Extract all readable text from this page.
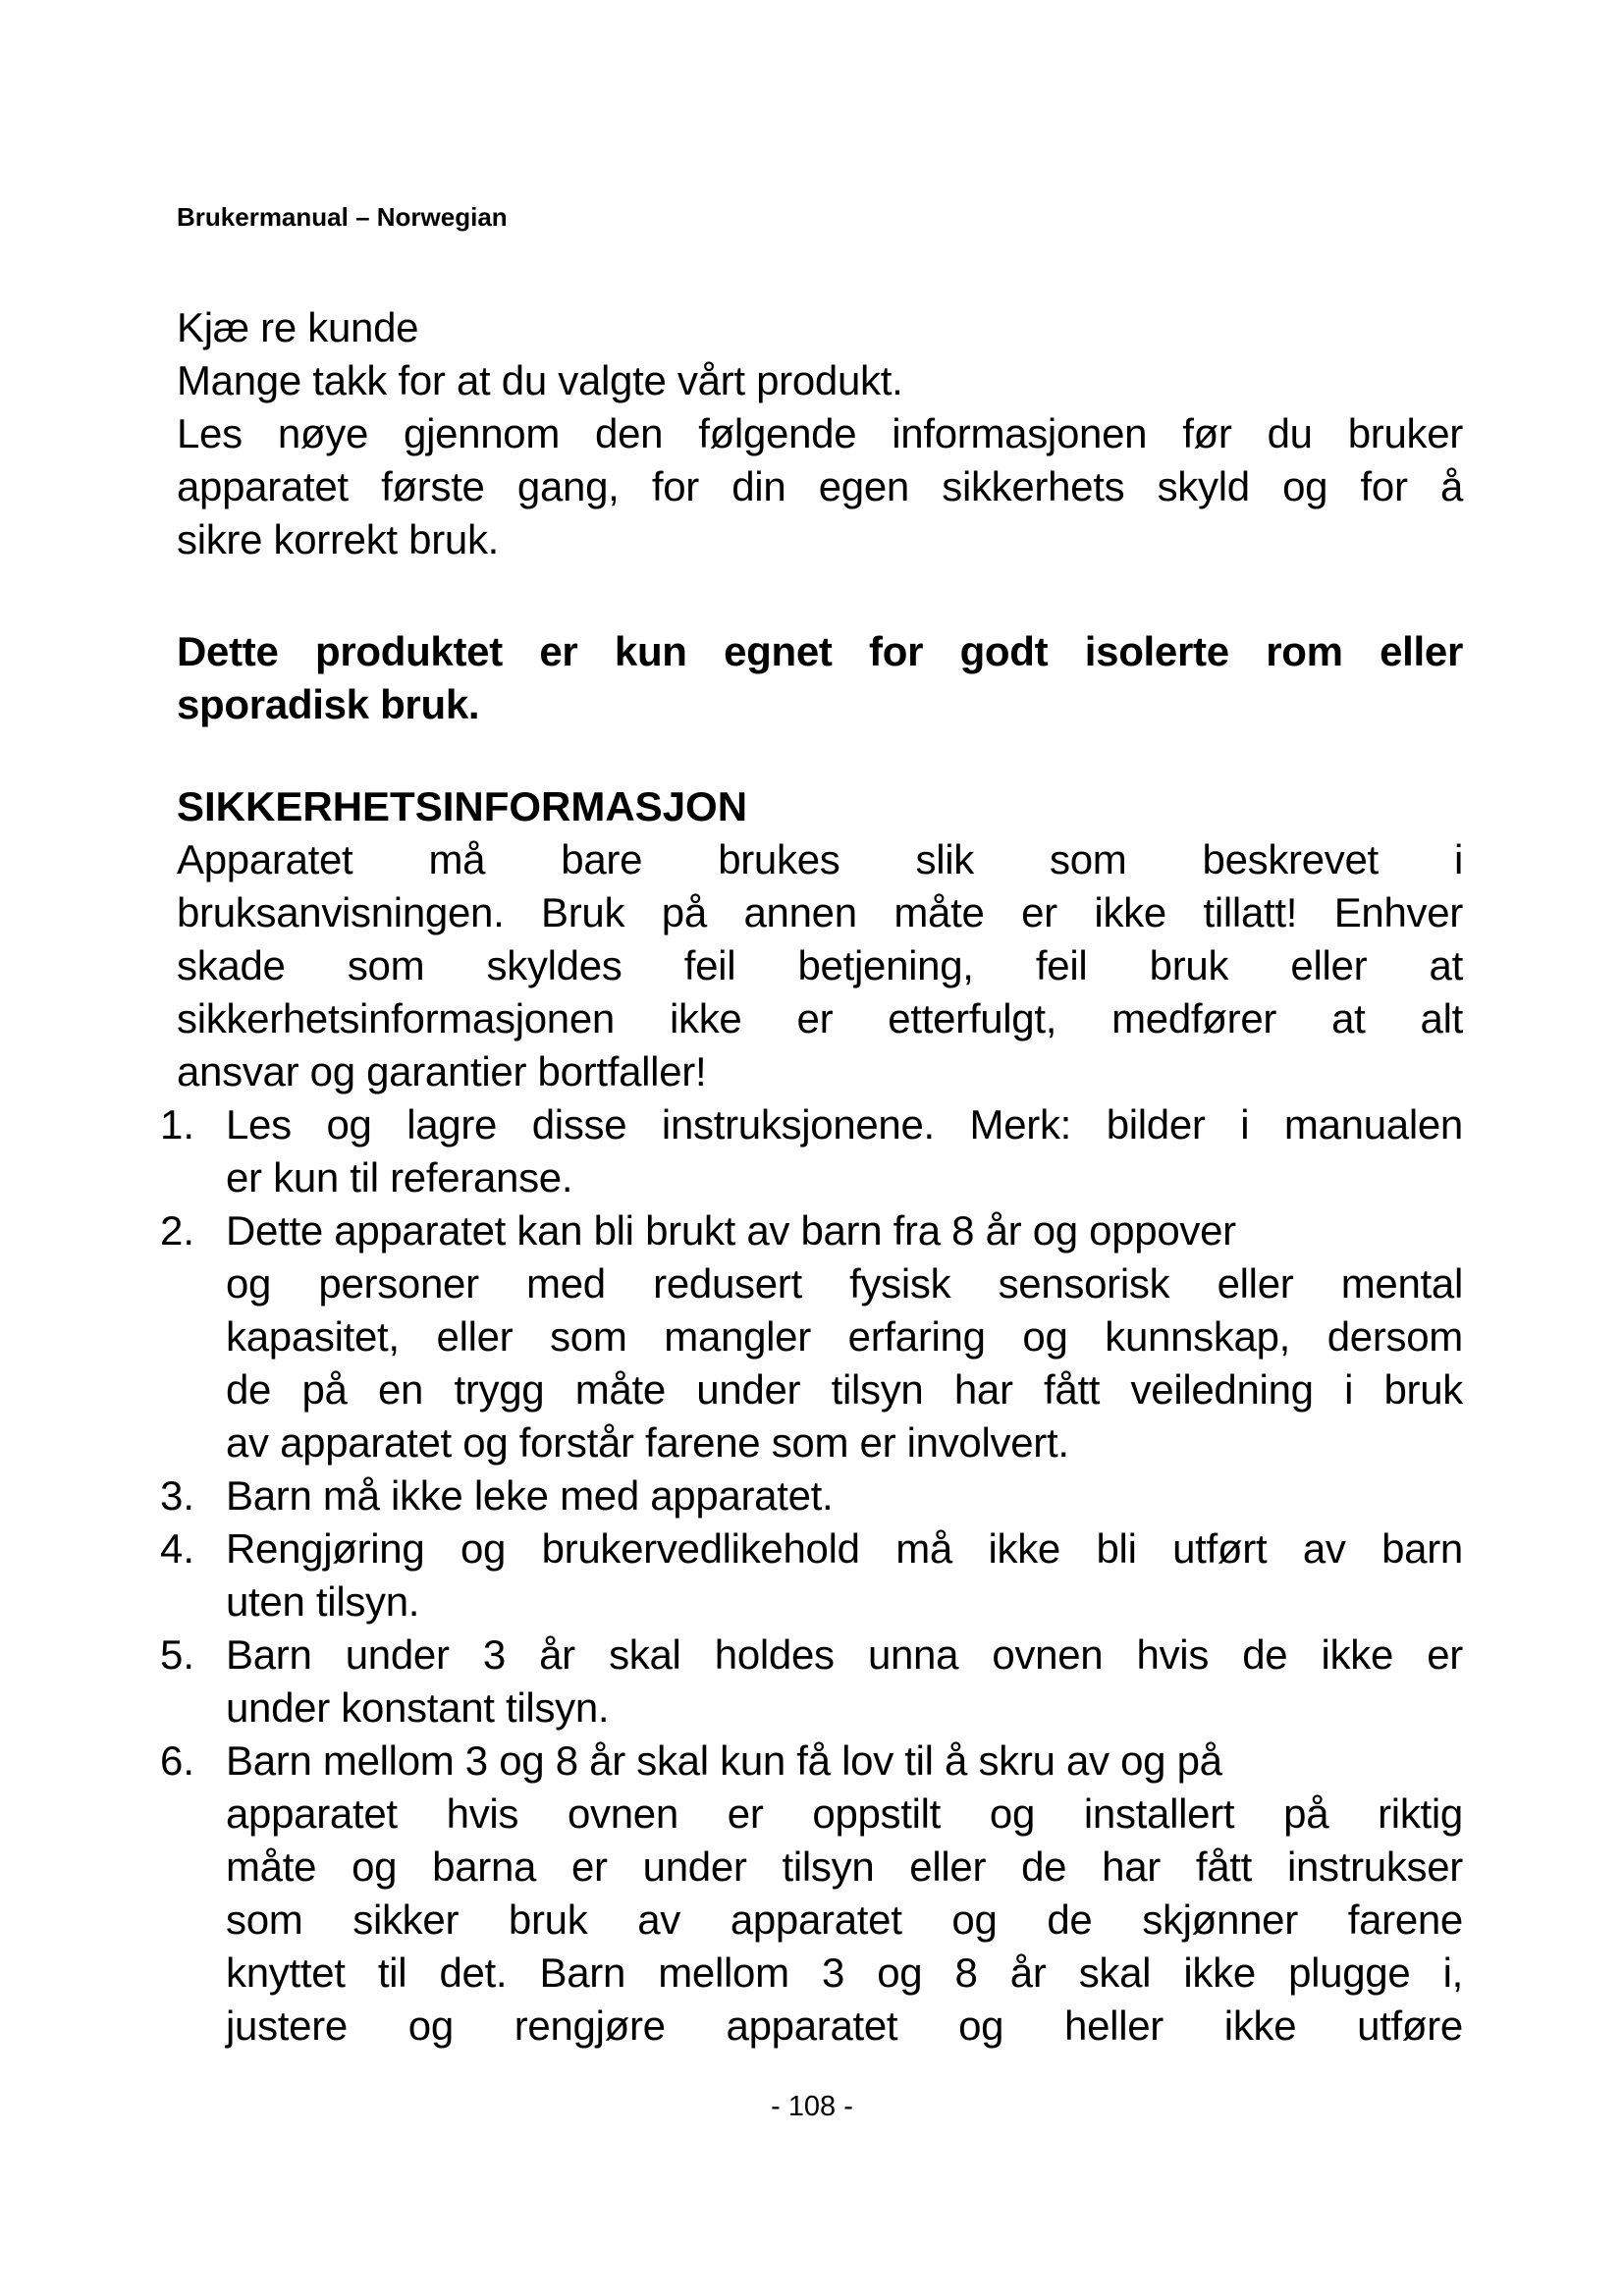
Brukermanual – Norwegian
Kjæ re kunde
Mange takk for at du valgte vårt produkt.
Les nøye gjennom den følgende informasjonen før du bruker
apparatet første gang, for din egen sikkerhets skyld og for å
sikre korrekt bruk.
Dette produktet er kun egnet for godt isolerte rom eller
sporadisk bruk.
SIKKERHETSINFORMASJON
Apparatet må bare brukes slik som beskrevet i
bruksanvisningen. Bruk på annen måte er ikke tillatt! Enhver
skade som skyldes feil betjening, feil bruk eller at
sikkerhetsinformasjonen ikke er etterfulgt, medfører at alt
ansvar og garantier bortfaller!
1. Les og lagre disse instruksjonene. Merk: bilder i manualen
er kun til referanse.
2. Dette apparatet kan bli brukt av barn fra 8 år og oppover
og personer med redusert fysisk sensorisk eller mental
kapasitet, eller som mangler erfaring og kunnskap, dersom
de på en trygg måte under tilsyn har fått veiledning i bruk
av apparatet og forstår farene som er involvert.
3. Barn må ikke leke med apparatet.
4. Rengjøring og brukervedlikehold må ikke bli utført av barn
uten tilsyn.
5. Barn under 3 år skal holdes unna ovnen hvis de ikke er
under konstant tilsyn.
6. Barn mellom 3 og 8 år skal kun få lov til å skru av og på
apparatet hvis ovnen er oppstilt og installert på riktig
måte og barna er under tilsyn eller de har fått instrukser
som sikker bruk av apparatet og de skjønner farene
knyttet til det. Barn mellom 3 og 8 år skal ikke plugge i,
justere og rengjøre apparatet og heller ikke utføre
- 108 -
